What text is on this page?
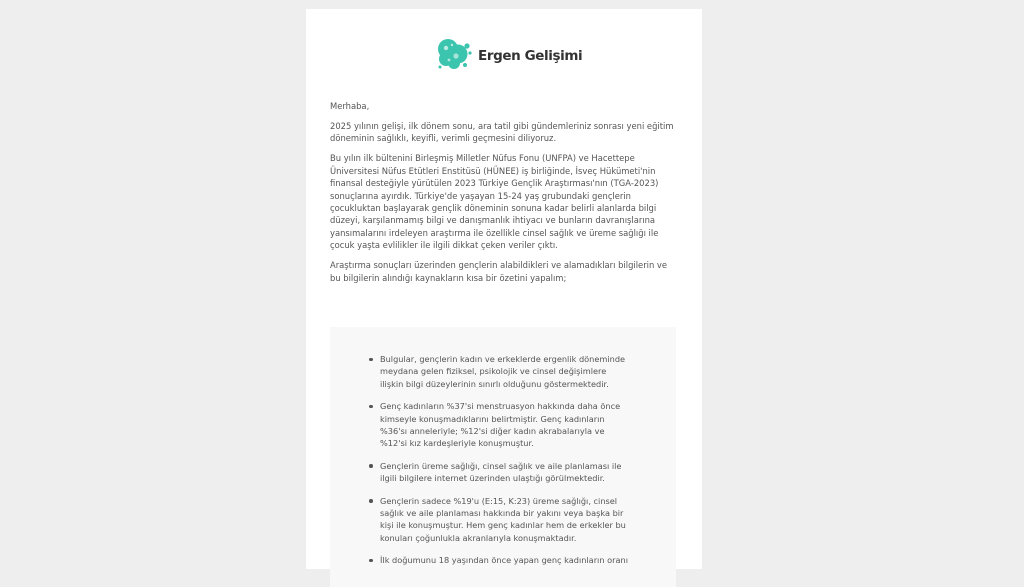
Ergen Gelişimi

Merhaba,

2025 yılının gelişi, ilk dönem sonu, ara tatil gibi gündemleriniz sonrası yeni eğitim döneminin sağlıklı, keyifli, verimli geçmesini diliyoruz.

Bu yılın ilk bültenini Birleşmiş Milletler Nüfus Fonu (UNFPA) ve Hacettepe Üniversitesi Nüfus Etütleri Enstitüsü (HÜNEE) iş birliğinde, İsveç Hükümeti'nin finansal desteğiyle yürütülen 2023 Türkiye Gençlik Araştırması'nın (TGA-2023) sonuçlarına ayırdık. Türkiye'de yaşayan 15-24 yaş grubundaki gençlerin çocukluktan başlayarak gençlik döneminin sonuna kadar belirli alanlarda bilgi düzeyi, karşılanmamış bilgi ve danışmanlık ihtiyacı ve bunların davranışlarına yansımalarını irdeleyen araştırma ile özellikle cinsel sağlık ve üreme sağlığı ile çocuk yaşta evlilikler ile ilgili dikkat çeken veriler çıktı.

Araştırma sonuçları üzerinden gençlerin alabildikleri ve alamadıkları bilgilerin ve bu bilgilerin alındığı kaynakların kısa bir özetini yapalım;

Bulgular, gençlerin kadın ve erkeklerde ergenlik döneminde meydana gelen fiziksel, psikolojik ve cinsel değişimlere ilişkin bilgi düzeylerinin sınırlı olduğunu göstermektedir.
Genç kadınların %37'si menstruasyon hakkında daha önce kimseyle konuşmadıklarını belirtmiştir. Genç kadınların %36'sı anneleriyle; %12'si diğer kadın akrabalarıyla ve %12'si kız kardeşleriyle konuşmuştur.
Gençlerin üreme sağlığı, cinsel sağlık ve aile planlaması ile ilgili bilgilere internet üzerinden ulaştığı görülmektedir.
Gençlerin sadece %19'u (E:15, K:23) üreme sağlığı, cinsel sağlık ve aile planlaması hakkında bir yakını veya başka bir kişi ile konuşmuştur. Hem genç kadınlar hem de erkekler bu konuları çoğunlukla akranlarıyla konuşmaktadır.
İlk doğumunu 18 yaşından önce yapan genç kadınların oranı
